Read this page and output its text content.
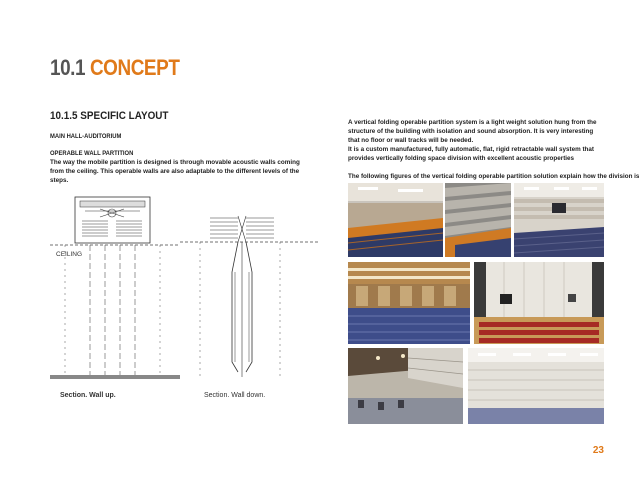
10.1 CONCEPT
10.1.5 SPECIFIC LAYOUT
MAIN HALL-AUDITORIUM
OPERABLE WALL PARTITION
The way the mobile partition is designed is through movable acoustic walls coming from the ceiling. This operable walls are also adaptable to the different levels of the steps.
A vertical folding operable partition system is a light weight solution hung from the structure of the building with isolation and sound absorption. It is very interesting that no floor or wall tracks will be needed.
It is a custom manufactured, fully automatic, flat, rigid retractable wall system that provides vertically folding space division with excellent acoustic properties
The following figures of the vertical folding operable partition solution explain how the division is
CEILING
Section. Wall up.	Section. Wall down.
23
